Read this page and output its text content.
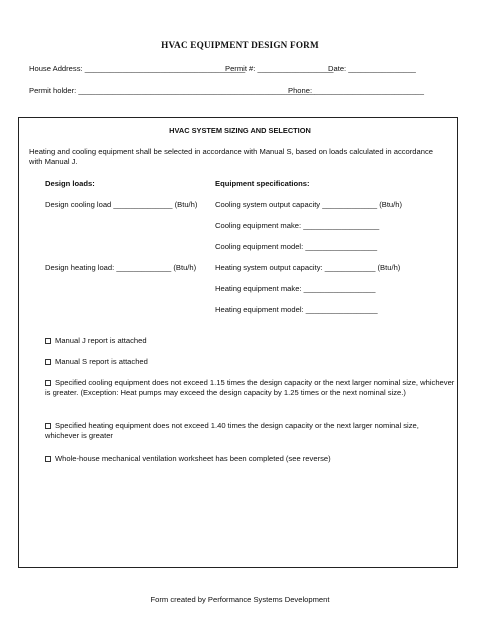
HVAC EQUIPMENT DESIGN FORM
House Address: ______________________________________
Permit #: __________________
Date: ________________
Permit holder: ________________________________________________________
Phone: __________________________
HVAC SYSTEM SIZING AND SELECTION
Heating and cooling equipment shall be selected in accordance with Manual S, based on loads calculated in accordance with Manual J.
Design loads:	Equipment specifications:
Design cooling load ______________ (Btu/h) Cooling system output capacity _____________ (Btu/h)
Cooling equipment make: __________________
Cooling equipment model: _________________
Design heating load: _____________ (Btu/h) Heating system output capacity: ____________ (Btu/h)
Heating equipment make: _________________
Heating equipment model: _________________
Manual J report is attached
Manual S report is attached
Specified cooling equipment does not exceed 1.15 times the design capacity or the next larger nominal size, whichever is greater. (Exception: Heat pumps may exceed the design capacity by 1.25 times or the next nominal size.)
Specified heating equipment does not exceed 1.40 times the design capacity or the next larger nominal size, whichever is greater
Whole-house mechanical ventilation worksheet has been completed (see reverse)
Form created by Performance Systems Development
